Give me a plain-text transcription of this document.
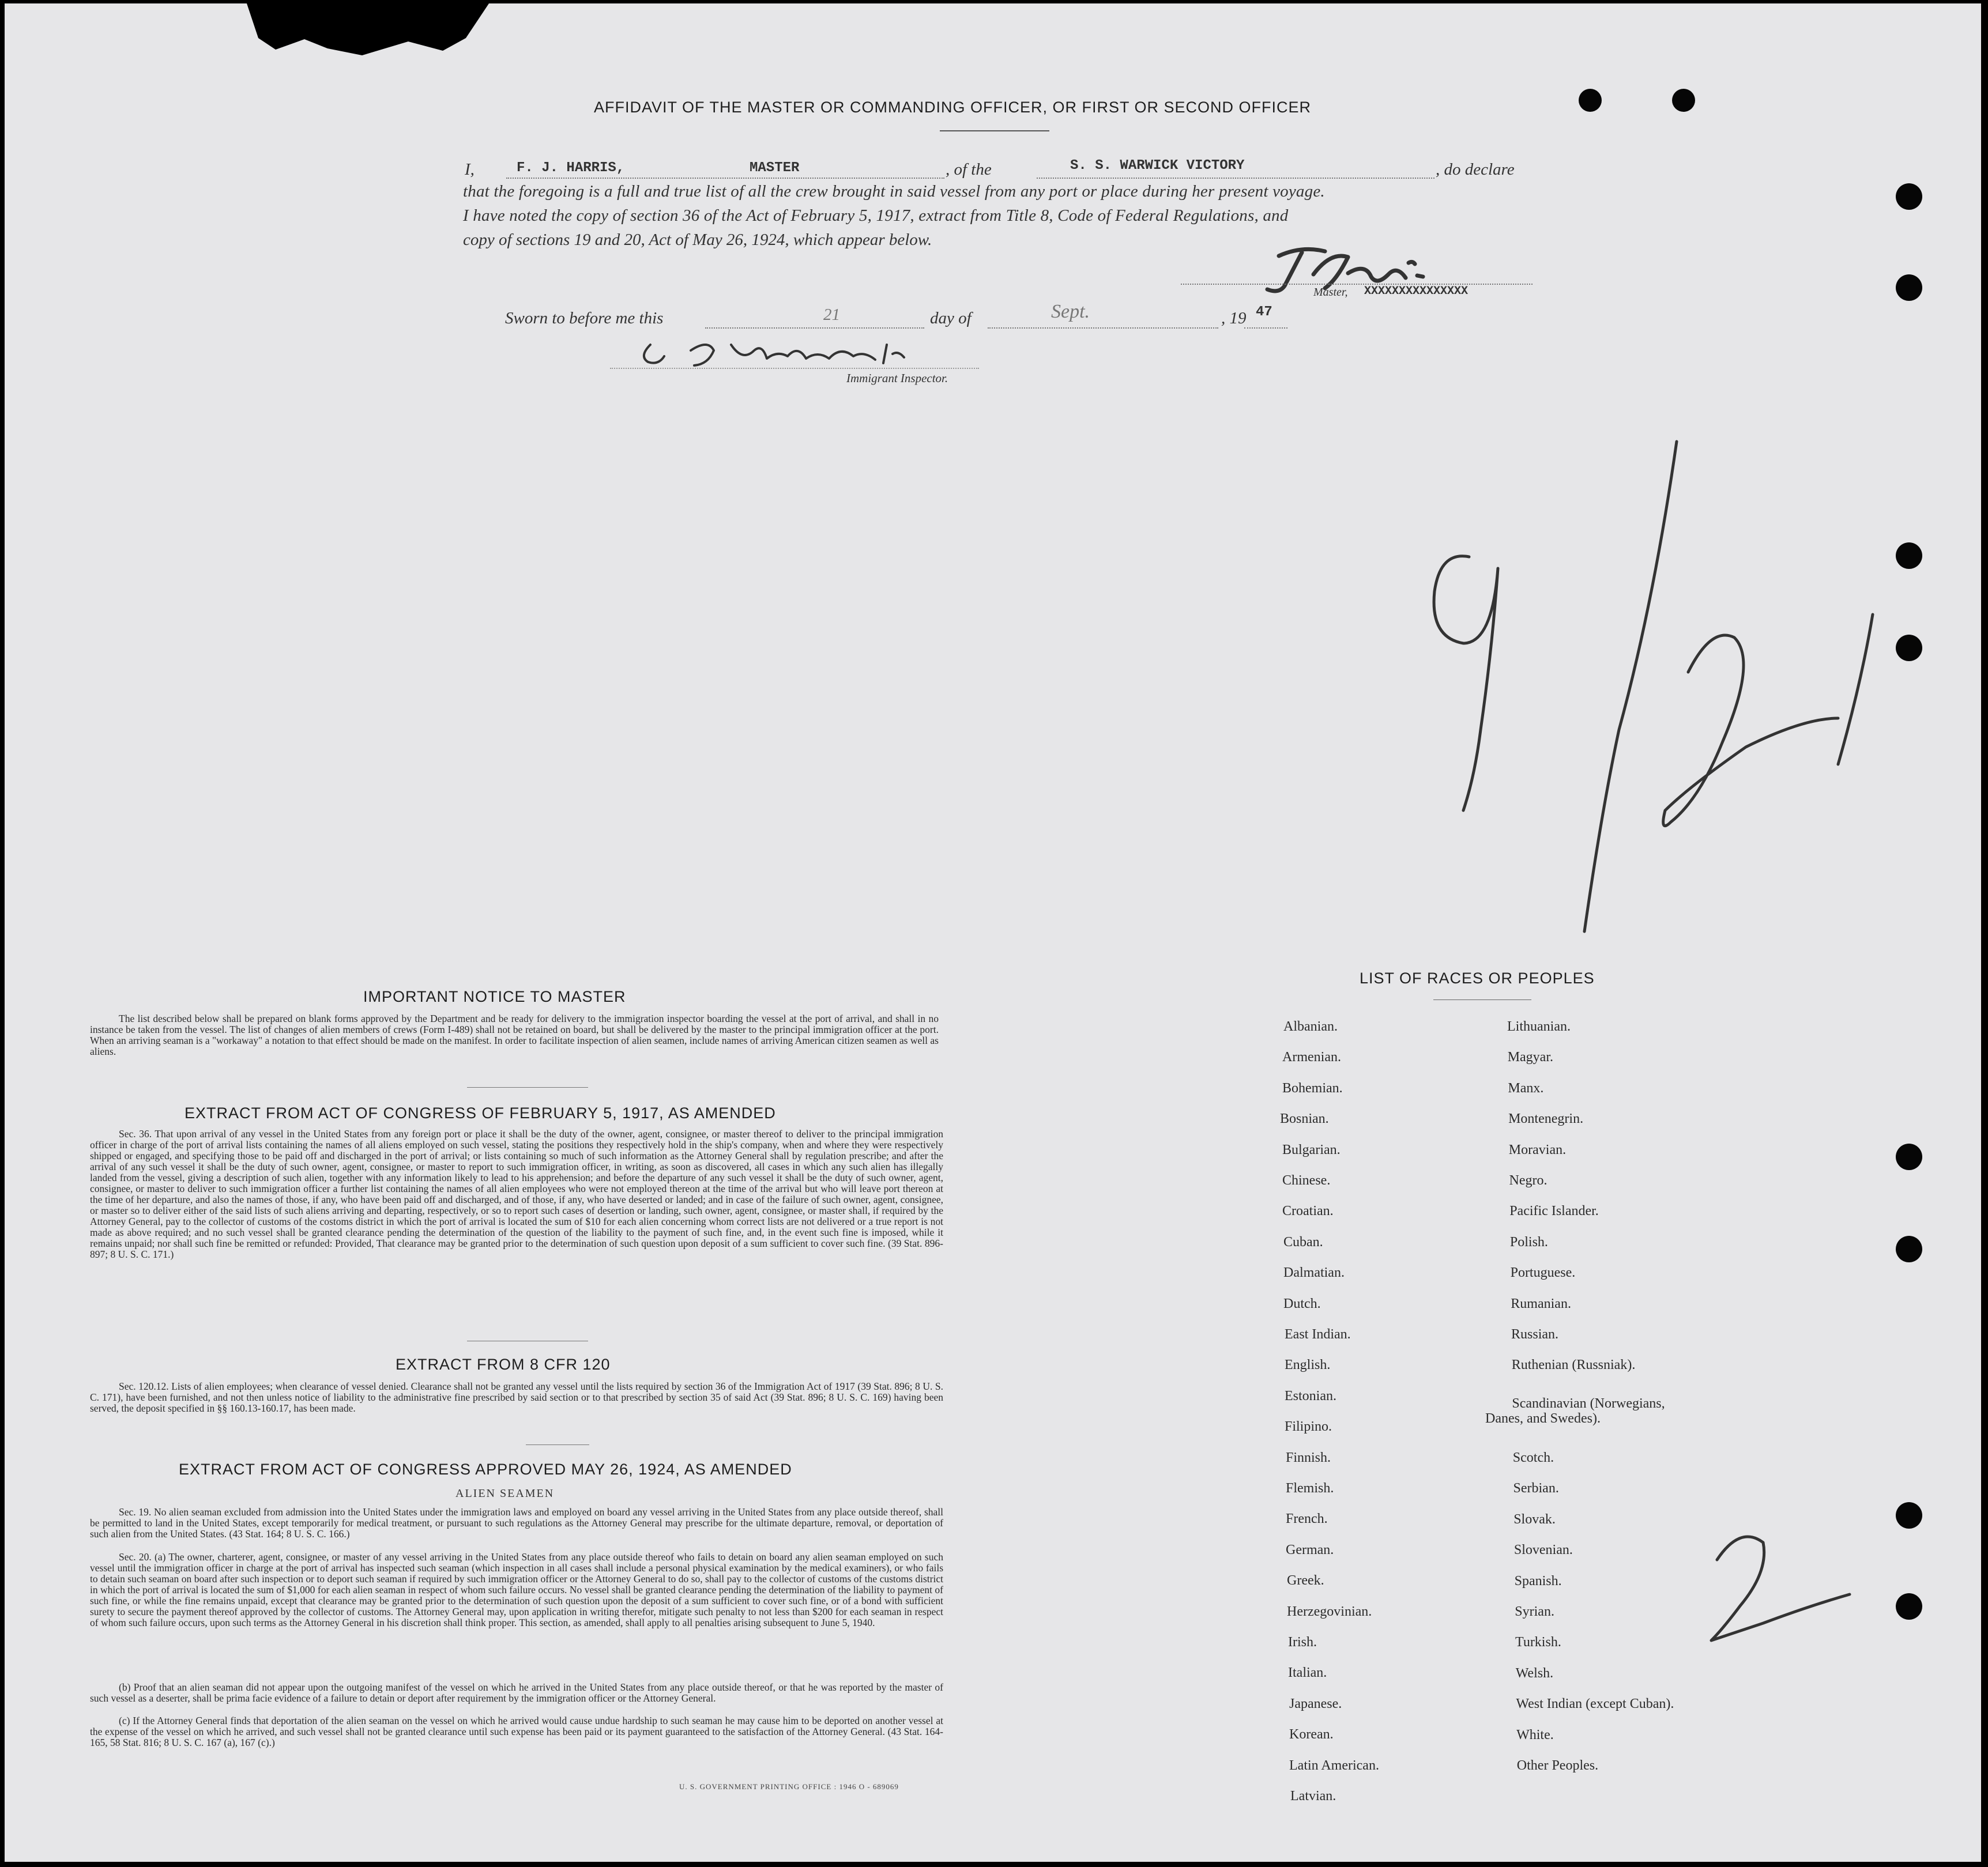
AFFIDAVIT OF THE MASTER OR COMMANDING OFFICER, OR FIRST OR SECOND OFFICER
I,	F. J. HARRIS,	MASTER	, of the	S. S. WARWICK VICTORY	, do declare
that the foregoing is a full and true list of all the crew brought in said vessel from any port or place during her present voyage.
I have noted the copy of section 36 of the Act of February 5, 1917, extract from Title 8, Code of Federal Regulations, and
copy of sections 19 and 20, Act of May 26, 1924, which appear below.
Master, XXXXXXXXXXXXXXX
Sworn to before me this	21	day of	Sept.	, 19 47
Immigrant Inspector.
IMPORTANT NOTICE TO MASTER
The list described below shall be prepared on blank forms approved by the Department and be ready for delivery to the immigration inspector boarding the vessel at the port of arrival, and shall in no instance be taken from the vessel. The list of changes of alien members of crews (Form I-489) shall not be retained on board, but shall be delivered by the master to the principal immigration officer at the port. When an arriving seaman is a "workaway" a notation to that effect should be made on the manifest. In order to facilitate inspection of alien seamen, include names of arriving American citizen seamen as well as aliens.
EXTRACT FROM ACT OF CONGRESS OF FEBRUARY 5, 1917, AS AMENDED
Sec. 36. That upon arrival of any vessel in the United States from any foreign port or place it shall be the duty of the owner, agent, consignee, or master thereof to deliver to the principal immigration officer in charge of the port of arrival lists containing the names of all aliens employed on such vessel, stating the positions they respectively hold in the ship's company, when and where they were respectively shipped or engaged, and specifying those to be paid off and discharged in the port of arrival; or lists containing so much of such information as the Attorney General shall by regulation prescribe; and after the arrival of any such vessel it shall be the duty of such owner, agent, consignee, or master to report to such immigration officer, in writing, as soon as discovered, all cases in which any such alien has illegally landed from the vessel, giving a description of such alien, together with any information likely to lead to his apprehension; and before the departure of any such vessel it shall be the duty of such owner, agent, consignee, or master to deliver to such immigration officer a further list containing the names of all alien employees who were not employed thereon at the time of the arrival but who will leave port thereon at the time of her departure, and also the names of those, if any, who have been paid off and discharged, and of those, if any, who have deserted or landed; and in case of the failure of such owner, agent, consignee, or master so to deliver either of the said lists of such aliens arriving and departing, respectively, or so to report such cases of desertion or landing, such owner, agent, consignee, or master shall, if required by the Attorney General, pay to the collector of customs of the costoms district in which the port of arrival is located the sum of $10 for each alien concerning whom correct lists are not delivered or a true report is not made as above required; and no such vessel shall be granted clearance pending the determination of the question of the liability to the payment of such fine, and, in the event such fine is imposed, while it remains unpaid; nor shall such fine be remitted or refunded: Provided, That clearance may be granted prior to the determination of such question upon deposit of a sum sufficient to cover such fine. (39 Stat. 896-897; 8 U. S. C. 171.)
EXTRACT FROM 8 CFR 120
Sec. 120.12. Lists of alien employees; when clearance of vessel denied. Clearance shall not be granted any vessel until the lists required by section 36 of the Immigration Act of 1917 (39 Stat. 896; 8 U. S. C. 171), have been furnished, and not then unless notice of liability to the administrative fine prescribed by said section or to that prescribed by section 35 of said Act (39 Stat. 896; 8 U. S. C. 169) having been served, the deposit specified in §§ 160.13-160.17, has been made.
EXTRACT FROM ACT OF CONGRESS APPROVED MAY 26, 1924, AS AMENDED
ALIEN SEAMEN
Sec. 19. No alien seaman excluded from admission into the United States under the immigration laws and employed on board any vessel arriving in the United States from any place outside thereof, shall be permitted to land in the United States, except temporarily for medical treatment, or pursuant to such regulations as the Attorney General may prescribe for the ultimate departure, removal, or deportation of such alien from the United States. (43 Stat. 164; 8 U. S. C. 166.)
Sec. 20. (a) The owner, charterer, agent, consignee, or master of any vessel arriving in the United States from any place outside thereof who fails to detain on board any alien seaman employed on such vessel until the immigration officer in charge at the port of arrival has inspected such seaman (which inspection in all cases shall include a personal physical examination by the medical examiners), or who fails to detain such seaman on board after such inspection or to deport such seaman if required by such immigration officer or the Attorney General to do so, shall pay to the collector of customs of the customs district in which the port of arrival is located the sum of $1,000 for each alien seaman in respect of whom such failure occurs. No vessel shall be granted clearance pending the determination of the liability to payment of such fine, or while the fine remains unpaid, except that clearance may be granted prior to the determination of such question upon the deposit of a sum sufficient to cover such fine, or of a bond with sufficient surety to secure the payment thereof approved by the collector of customs. The Attorney General may, upon application in writing therefor, mitigate such penalty to not less than $200 for each seaman in respect of whom such failure occurs, upon such terms as the Attorney General in his discretion shall think proper. This section, as amended, shall apply to all penalties arising subsequent to June 5, 1940.
(b) Proof that an alien seaman did not appear upon the outgoing manifest of the vessel on which he arrived in the United States from any place outside thereof, or that he was reported by the master of such vessel as a deserter, shall be prima facie evidence of a failure to detain or deport after requirement by the immigration officer or the Attorney General.
(c) If the Attorney General finds that deportation of the alien seaman on the vessel on which he arrived would cause undue hardship to such seaman he may cause him to be deported on another vessel at the expense of the vessel on which he arrived, and such vessel shall not be granted clearance until such expense has been paid or its payment guaranteed to the satisfaction of the Attorney General. (43 Stat. 164-165, 58 Stat. 816; 8 U. S. C. 167 (a), 167 (c).)
U. S. GOVERNMENT PRINTING OFFICE : 1946 O - 689069
LIST OF RACES OR PEOPLES
Albanian.
Armenian.
Bohemian.
Bosnian.
Bulgarian.
Chinese.
Croatian.
Cuban.
Dalmatian.
Dutch.
East Indian.
English.
Estonian.
Filipino.
Finnish.
Flemish.
French.
German.
Greek.
Herzegovinian.
Irish.
Italian.
Japanese.
Korean.
Latin American.
Latvian.
Lithuanian.
Magyar.
Manx.
Montenegrin.
Moravian.
Negro.
Pacific Islander.
Polish.
Portuguese.
Rumanian.
Russian.
Ruthenian (Russniak).
Scandinavian (Norwegians,
Danes, and Swedes).
Scotch.
Serbian.
Slovak.
Slovenian.
Spanish.
Syrian.
Turkish.
Welsh.
West Indian (except Cuban).
White.
Other Peoples.
